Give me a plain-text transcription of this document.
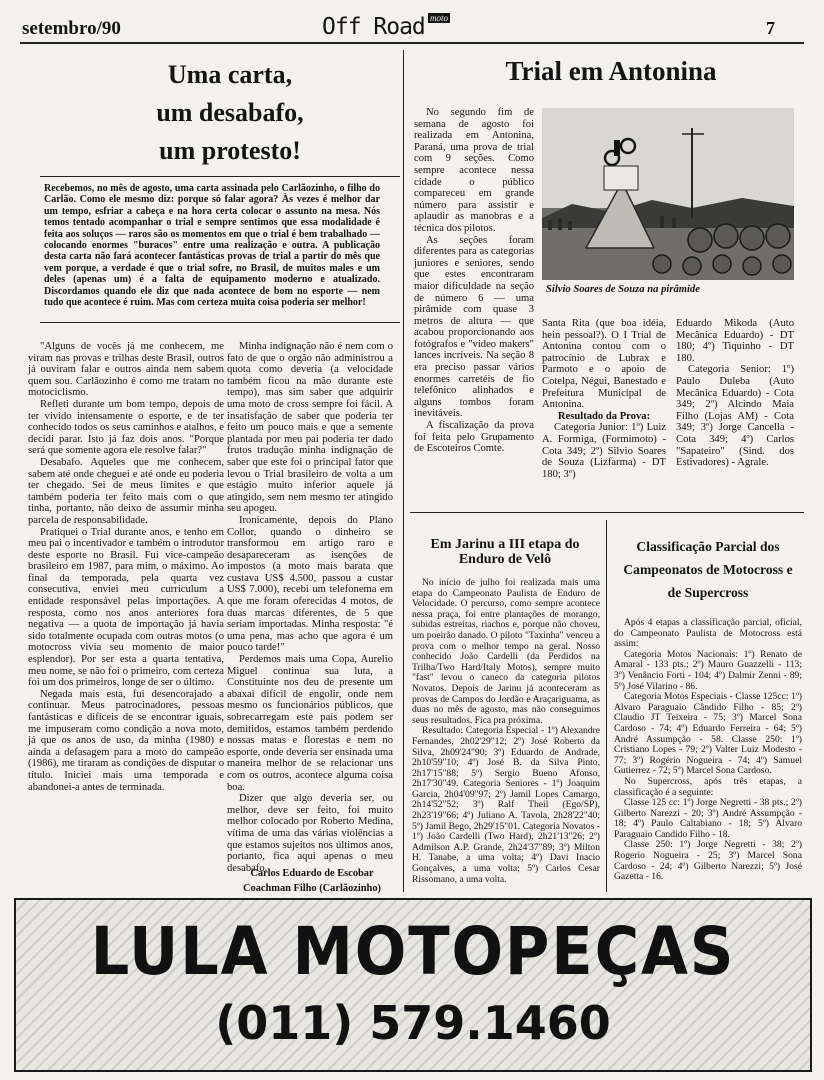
setembro/90	Off Road moto	7
Uma carta,
um desabafo,
um protesto!
Recebemos, no mês de agosto, uma carta assinada pelo Carlãozinho, o filho do Carlão. Como ele mesmo diz: porque só falar agora? Às vezes é melhor dar um tempo, esfriar a cabeça e na hora certa colocar o assunto na mesa. Nós temos tentado acompanhar o trial e sempre sentimos que essa modalidade é feita aos soluços — raros são os momentos em que o trial é bem trabalhado — colocando enormes "buracos" entre uma realização e outra. A publicação desta carta não fará acontecer fantásticas provas de trial a partir do mês que vem porque, a verdade é que o trial sofre, no Brasil, de muitos males e um deles (apenas um) é a falta de equipamento moderno e atualizado. Discordamos quando ele diz que nada acontece de bom no esporte — nem tudo que acontece é ruim. Mas com certeza muita coisa poderia ser melhor!

"Alguns de vocês já me conhecem, me viram nas provas e trilhas deste Brasil, outros já ouviram falar e outros ainda nem sabem quem sou. Carlãozinho é como me tratam no motociclismo.

Refleti durante um bom tempo, depois de ter vivido intensamente o esporte, e de ter conhecido todos os seus caminhos e atalhos, e decidi parar. Isto já faz dois anos. "Porque será que somente agora ele resolve falar?"

Desabafo. Aqueles que me conhecem, sabem até onde cheguei e até onde eu poderia ter chegado. Sei de meus limites e que também poderia ter feito mais com o que tinha, portanto, não deixo de assumir minha parcela de responsabilidade.

Pratiquei o Trial durante anos, e tenho em meu pai o incentivador e também o introdutor deste esporte no Brasil. Fui vice-campeão brasileiro em 1987, para mim, o máximo. Ao final da temporada, pela quarta vez consecutiva, enviei meu curriculum a entidade responsável pelas importações. A resposta, como nos anos anteriores fora negativa — a quota de importação já havia sido totalmente ocupada com outras motos (o motocross vivia seu momento de maior esplendor). Por ser esta a quarta tentativa, meu nome, se não foi o primeiro, com certeza foi um dos primeiros, longe de ser o último.

Negada mais esta, fui desencorajado a continuar. Meus patrocinadores, pessoas fantásticas e difíceis de se encontrar iguais, me impuseram como condição a nova moto, já que os anos de uso, da minha (1980) e ainda a defasagem para a moto do campeão (1986), me tiraram as condições de disputar o título. Iniciei mais uma temporada e abandonei-a antes de terminada.

Minha indignação não é nem com o fato de que o orgão não administrou a quota como deveria (a velocidade também ficou na mão durante este tempo), mas sim saber que adquirir uma moto de cross sempre foi fácil. A insatisfação de saber que poderia ter feito um pouco mais e que a semente plantada por meu pai poderia ter dado frutos tradução minha indignação de saber que este foi o principal fator que levou o Trial brasileiro de volta a um estágio muito inferior aquele já atingido, sem nem mesmo ter atingido seu apogeu.

Ironicamente, depois do Plano Collor, quando o dinheiro se transformou em artigo raro e desapareceram as isenções de impostos (a moto mais barata que custava US$ 4.500, passou a custar US$ 7.000), recebi um telefonema em que me foram oferecidas 4 motos, de duas marcas diferentes, de 5 que seriam importadas. Minha resposta: "é uma pena, mas acho que agora é um pouco tarde!"

Perdemos mais uma Copa, Aurelio Miguel continua sua luta, a Constituinte nos deu de presente um abaxai difícil de engolir, onde nem mesmo os funcionários públicos, que sobrecarregam este país podem ser demitidos, estamos também perdendo nossas matas e florestas e nem no esporte, onde deveria ser ensinada uma maneira melhor de se relacionar uns com os outros, acontece alguma coisa boa.

Dizer que algo deveria ser, ou melhor, deve ser feito, foi muito melhor colocado por Roberto Medina, vítima de uma das várias violências a que estamos sujeitos nos últimos anos, portanto, fica aqui apenas o meu desabafo.

Carlos Eduardo de Escobar
Coachman Filho (Carlãozinho)
Trial em Antonina

No segundo fim de semana de agosto foi realizada em Antonina, Paraná, uma prova de trial com 9 seções. Como sempre acontece nessa cidade o público compareceu em grande número para assistir e aplaudir as manobras e a técnica dos pilotos.

As seções foram diferentes para as categorias juniores e seniores, sendo que estes encontraram maior dificuldade na seção de número 6 — uma pirâmide com quase 3 metros de altura — que acabou proporcionando aos fotógrafos e "video makers" lances incríveis. Na seção 8 era preciso passar vários enormes carretéis de fio telefônico alinhados e alguns tombos foram inevitáveis.

A fiscalização da prova foi feita pelo Grupamento de Escoteiros Comte.

Silvio Soares de Souza na pirâmide
Santa Rita (que boa idéia, hein pessoal?). O I Trial de Antonina contou com o patrocínio de Lubrax e Parmoto e o apoio de Cotelpa, Négui, Banestado e Prefeitura Municipal de Antonina.
Resultado da Prova:
Categoria Junior: 1º) Luiz A. Formiga, (Formimoto) - Cota 349; 2º) Silvio Soares de Souza (Lizfarma) - DT 180; 3º)
Eduardo Mikoda (Auto Mecânica Eduardo) - DT 180; 4º) Tiquinho - DT 180.
Categoria Senior: 1º) Paulo Duleba (Auto Mecânica Eduardo) - Cota 349; 2º) Alcindo Maia Filho (Lojas AM) - Cota 349; 3º) Jorge Cancella - Cota 349; 4º) Carlos "Sapateiro" (Sind. dos Estivadores) - Agrale.
Em Jarinu a III etapa do
Enduro de Velô

No início de julho foi realizada mais uma etapa do Campeonato Paulista de Enduro de Velocidade. O percurso, como sempre acontece nessa praça, foi entre plantações de morango, subidas estreitas, riachos e, porque não choveu, um poeirão danado. O piloto "Taxinha" venceu a prova com o melhor tempo na geral. Nosso conhecido João Cardelli (da Perdidos na Trilha/Two Hard/Italy Motos), sempre muito "fast" levou o caneco da categoria pilotos Novatos. Depois de Jarinu já aconteceram as provas de Campos do Jordão e Araçariguama, as duas no mês de agosto, mas não conseguimos seus resultados. Fica pra próxima.

Resultado: Categoria Especial - 1º) Alexandre Fernandes, 2h02'29"12; 2º) José Roberto da Silva, 2h09'24"90; 3º) Eduardo de Andrade, 2h10'59"10; 4º) José B. da Silva Pinto, 2h17'15"88; 5º) Sergio Bueno Afonso, 2h17'30"49. Categoria Seniores - 1º) Joaquim Garcia, 2h04'09"97; 2º) Jamil Lopes Camargo, 2h14'52"52; 3º) Ralf Theil (Ego/SP), 2h23'19"66; 4º) Juliano A. Tavola, 2h28'22"40; 5º) Jamil Bego, 2h29'15"01. Categoria Novatos - 1º) João Cardelli (Two Hard), 2h21'13"26; 2º) Admilson A.P. Grande, 2h24'37"89; 3º) Milton H. Tanabe, a uma volta; 4º) Davi Inacio Gonçalves, a uma volta; 5º) Carlos Cesar Rissomano, a uma volta.

Classificação Parcial dos
Campeonatos de Motocross e
de Supercross

Após 4 etapas a classificação parcial, oficial, do Campeonato Paulista de Motocross está assim:

Categoria Motos Nacionais: 1º) Renato de Amaral - 133 pts.; 2º) Mauro Guazzelli - 113; 3º) Venâncio Forti - 104; 4º) Dalmir Zenni - 89; 5º) José Vilarino - 86.

Categoria Motos Especiais - Classe 125cc: 1º) Alvaro Paraguaio Cândido Filho - 85; 2º) Claudio JT Teixeira - 75; 3º) Marcel Sona Cardoso - 74; 4º) Eduardo Ferreira - 64; 5º) André Assumpção - 58. Classe 250: 1º) Cristiano Lopes - 79; 2º) Valter Luiz Modesto - 77; 3º) Rogério Nogueira - 74; 4º) Samuel Gutierrez - 72; 5º) Marcel Sona Cardoso.

No Supercross, após três etapas, a classificação é a seguinte:

Classe 125 cc: 1º) Jorge Negretti - 38 pts.; 2º) Gilberto Narezzi - 20; 3º) André Assumpção - 18; 4º) Paulo Caltabiano - 18; 5º) Alvaro Paraguaio Candido Filho - 18.

Classe 250: 1º) Jorge Negretti - 38; 2º) Rogerio Nogueira - 25; 3º) Marcel Sona Cardoso - 24; 4º) Gilberto Narezzi; 5º) José Gazetta - 16.

LULA MOTOPEÇAS
(011) 579.1460
